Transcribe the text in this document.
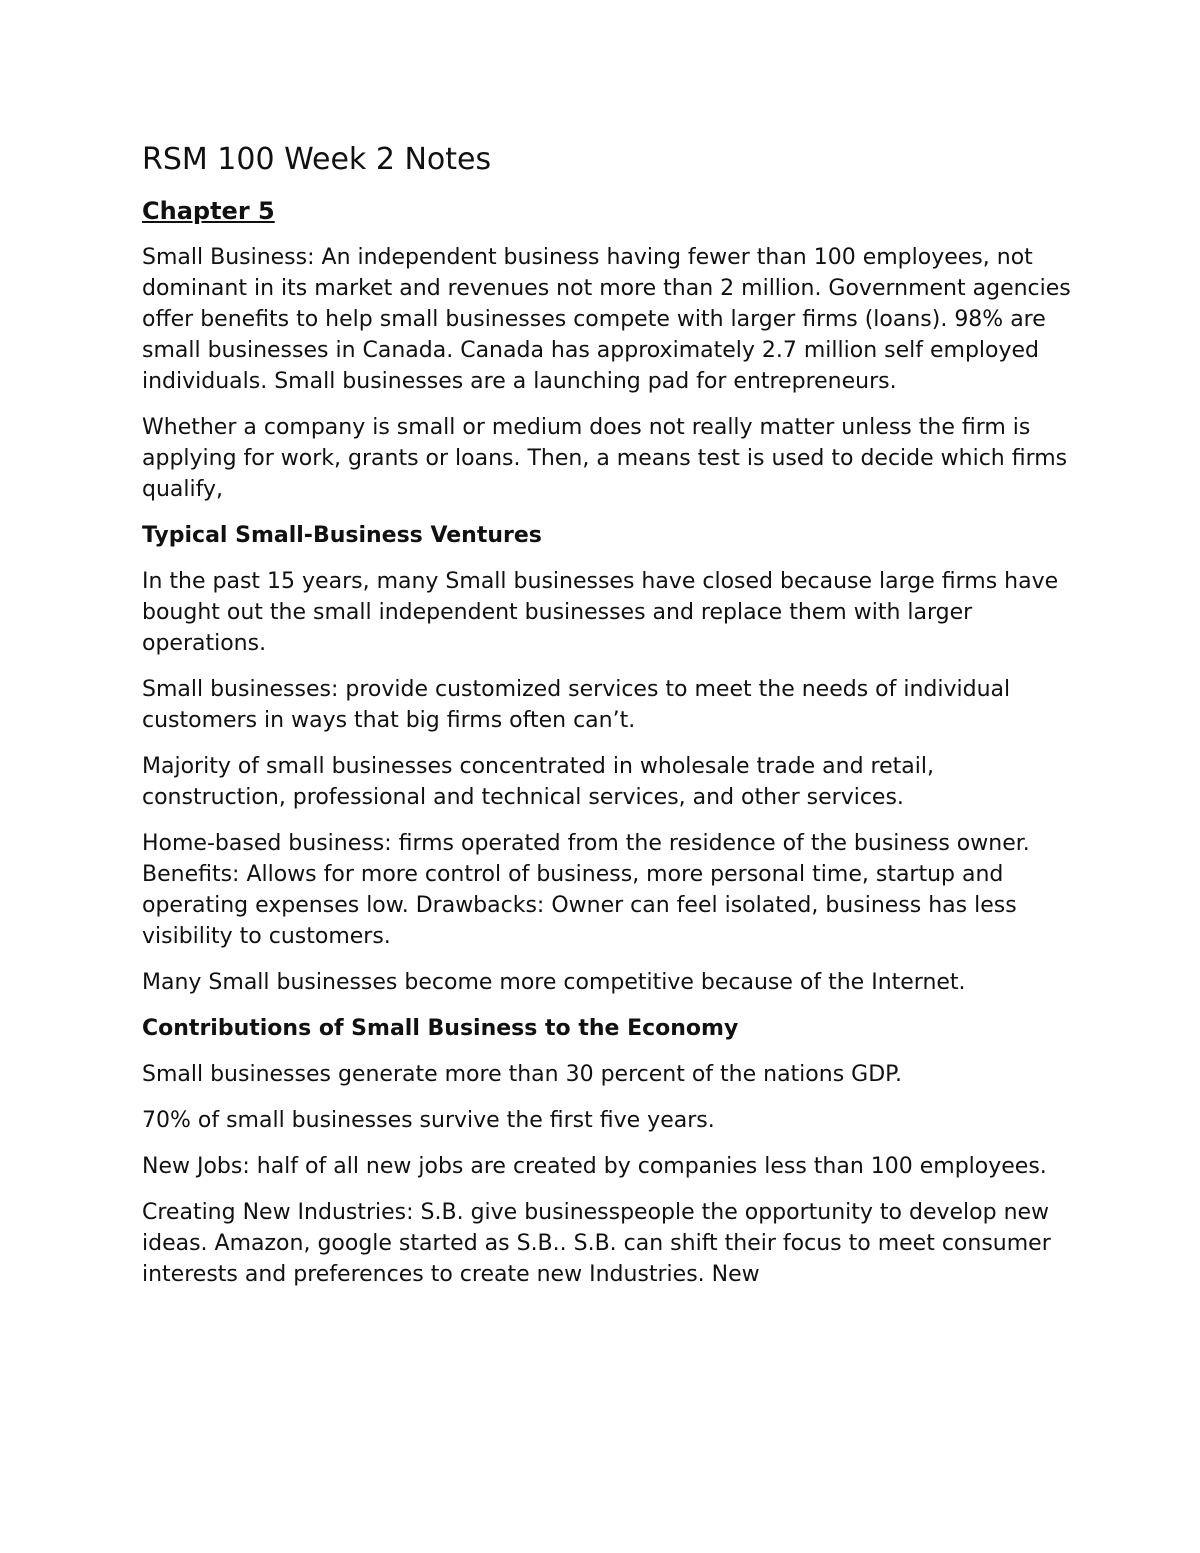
RSM 100 Week 2 Notes
Chapter 5

Small Business: An independent business having fewer than 100 employees, not dominant in its market and revenues not more than 2 million. Government agencies offer benefits to help small businesses compete with larger firms (loans). 98% are small businesses in Canada. Canada has approximately 2.7 million self employed individuals. Small businesses are a launching pad for entrepreneurs.

Whether a company is small or medium does not really matter unless the firm is applying for work, grants or loans. Then, a means test is used to decide which firms qualify,

Typical Small-Business Ventures

In the past 15 years, many Small businesses have closed because large firms have bought out the small independent businesses and replace them with larger operations.

Small businesses: provide customized services to meet the needs of individual customers in ways that big firms often can’t.

Majority of small businesses concentrated in wholesale trade and retail, construction, professional and technical services, and other services.

Home-based business: firms operated from the residence of the business owner. Benefits: Allows for more control of business, more personal time, startup and operating expenses low. Drawbacks: Owner can feel isolated, business has less visibility to customers.

Many Small businesses become more competitive because of the Internet.

Contributions of Small Business to the Economy

Small businesses generate more than 30 percent of the nations GDP.

70% of small businesses survive the first five years.

New Jobs: half of all new jobs are created by companies less than 100 employees.

Creating New Industries: S.B. give businesspeople the opportunity to develop new ideas. Amazon, google started as S.B.. S.B. can shift their focus to meet consumer interests and preferences to create new Industries. New
